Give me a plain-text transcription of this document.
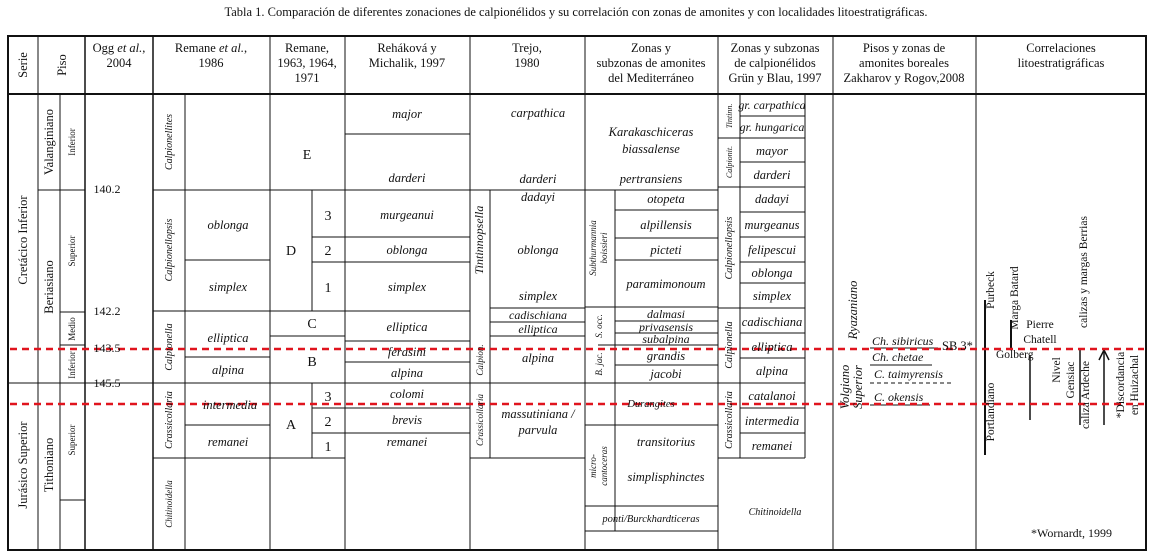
Tabla 1. Comparación de diferentes zonaciones de calpionélidos y su correlación con zonas de amonites y con localidades litoestratigráficas.
Serie Piso
Ogg et al.,
2004
Remane et al.,
1986
Remane,
1963, 1964,
1971
Reháková y
Michalik, 1997
Trejo,
1980
Zonas y
subzonas de amonites
del Mediterráneo
Zonas y subzonas
de calpionélidos
Grün y Blau, 1997
Pisos y zonas de
amonites boreales
Zakharov y Rogov,2008
Correlaciones
litoestratigráficas
Cretácico Inferior
Jurásico Superior
Valanginiano
Beriasiano
Tithoniano
Inferior
Superior
Medio
Inferior
Superior
140.2
142.2
143.5
145.5
Calpionellites
Calpionellopsis
Calpionella
Crassicollaria
Chitinoidella
oblonga
simplex
elliptica
alpina
intermedia
remanei
E
D
C
B
A
3
2
1
3
2
1
major
darderi
murgeanui
oblonga
simplex
elliptica
ferasini
alpina
colomi
brevis
remanei
Tintinnopsella
Calpion.
Crassicollaria
carpathica
darderi
dadayi
oblonga
simplex
cadischiana
elliptica
alpina
massutiniana /
parvula
Subthurmannia boissieri
S. occ.
B. jac.
micro- cantoceras
Karakaschiceras
biassalense
pertransiens
otopeta
alpillensis
picteti
paramimonoum
dalmasi
privasensis
subalpina
grandis
jacobi
Durangites
transitorius
simplisphinctes
ponti/Burckhardticeras
Tintinn.
Calpionit.
Calpionellopsis
Calpionella
Crassicollaria
gr. carpathica
gr. hungarica
mayor
darderi
dadayi
murgeanus
felipescui
oblonga
simplex
cadischiana
elliptica
alpina
catalanoi
intermedia
remanei
Chitinoidella
Ryazaniano
Volgiano Superior
Ch. sibiricus
Ch. chetae
C. taimyrensis
C. okensis
SB 3*
Purbeck
Portlandiano
Marga Batard
Golberg
Pierre
Chatell
Nivel Gensiac caliza Ardeche
calizas y margas Berrias
*Discordancia en Huizachal
*Wornardt, 1999
